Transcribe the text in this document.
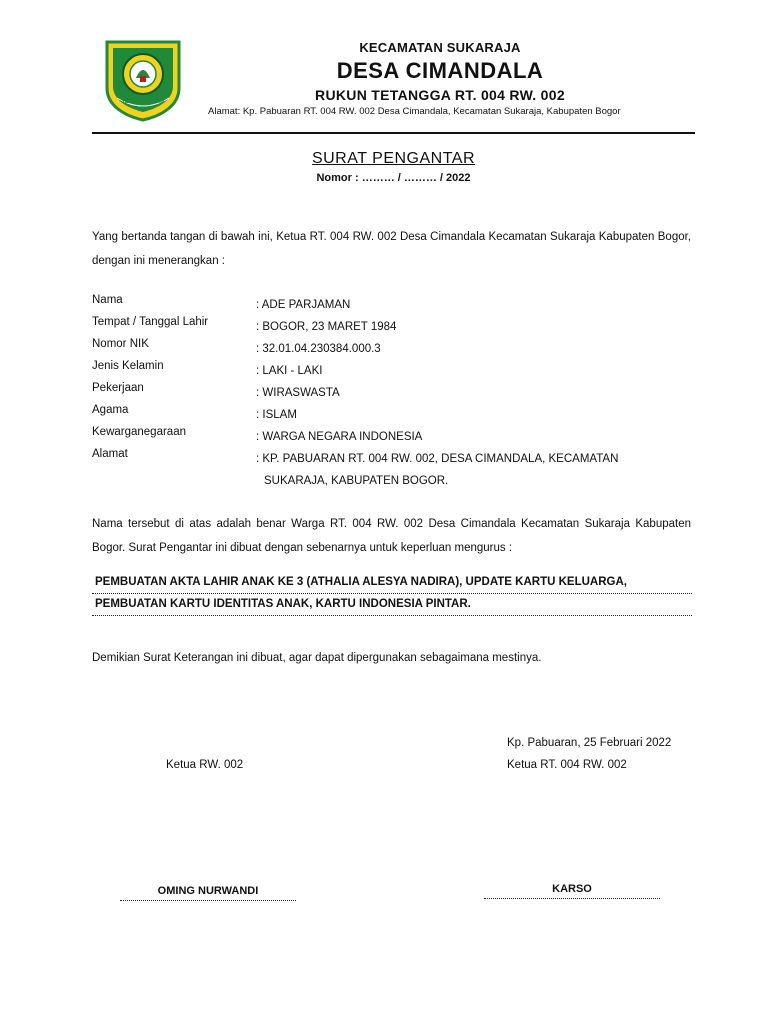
TEGAR BERIMAN
KECAMATAN SUKARAJA
DESA CIMANDALA
RUKUN TETANGGA RT. 004 RW. 002
Alamat: Kp. Pabuaran RT. 004 RW. 002 Desa Cimandala, Kecamatan Sukaraja, Kabupaten Bogor
SURAT PENGANTAR
Nomor : ……… / ……… / 2022
Yang bertanda tangan di bawah ini, Ketua RT. 004 RW. 002 Desa Cimandala Kecamatan Sukaraja Kabupaten Bogor, dengan ini menerangkan :
Nama	: ADE PARJAMAN
Tempat / Tanggal Lahir	: BOGOR, 23 MARET 1984
Nomor NIK	: 32.01.04.230384.000.3
Jenis Kelamin	: LAKI - LAKI
Pekerjaan	: WIRASWASTA
Agama	: ISLAM
Kewarganegaraan	: WARGA NEGARA INDONESIA
Alamat	: KP. PABUARAN RT. 004 RW. 002, DESA CIMANDALA, KECAMATAN
SUKARAJA, KABUPATEN BOGOR.
Nama tersebut di atas adalah benar Warga RT. 004 RW. 002 Desa Cimandala Kecamatan Sukaraja Kabupaten Bogor. Surat Pengantar ini dibuat dengan sebenarnya untuk keperluan mengurus :
PEMBUATAN AKTA LAHIR ANAK KE 3 (ATHALIA ALESYA NADIRA), UPDATE KARTU KELUARGA,
PEMBUATAN KARTU IDENTITAS ANAK, KARTU INDONESIA PINTAR.
Demikian Surat Keterangan ini dibuat, agar dapat dipergunakan sebagaimana mestinya.
Kp. Pabuaran, 25 Februari 2022
Ketua RW. 002	Ketua RT. 004 RW. 002
OMING NURWANDI	KARSO
